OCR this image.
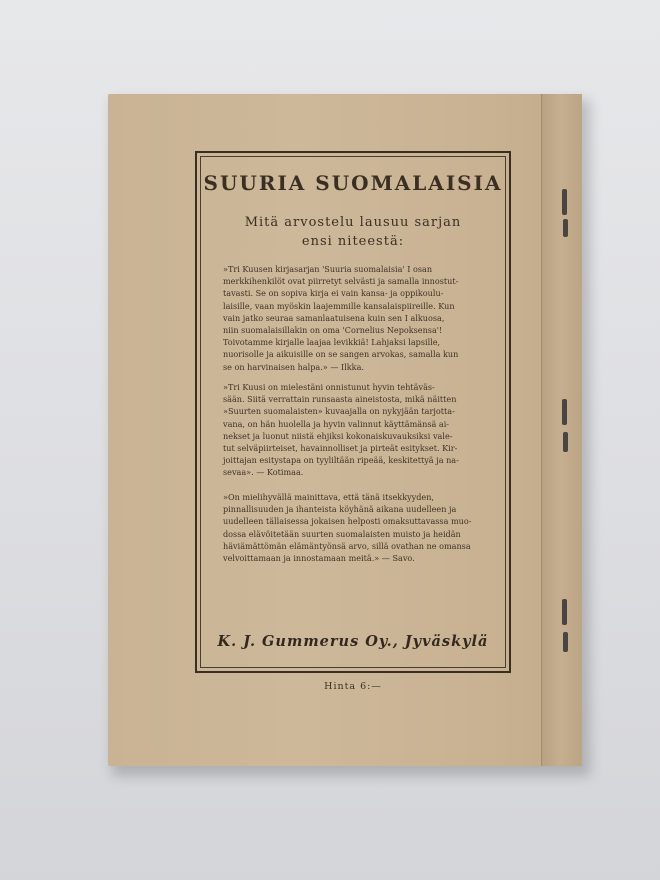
SUURIA SUOMALAISIA
Mitä arvostelu lausuu sarjan
ensi niteestä:
»Tri Kuusen kirjasarjan 'Suuria suomalaisia' I osan
merkkihenkilöt ovat piirretyt selvästi ja samalla innostut-
tavasti. Se on sopiva kirja ei vain kansa- ja oppikoulu-
laisille, vaan myöskin laajemmille kansalaispiireille. Kun
vain jatko seuraa samanlaatuisena kuin sen I alkuosa,
niin suomalaisillakin on oma 'Cornelius Nepoksensa'!
Toivotamme kirjalle laajaa levikkiä! Lahjaksi lapsille,
nuorisolle ja aikuisille on se sangen arvokas, samalla kun
se on harvinaisen halpa.» — Ilkka.
»Tri Kuusi on mielestäni onnistunut hyvin tehtäväs-
sään. Siitä verrattain runsaasta aineistosta, mikä näitten
»Suurten suomalaisten» kuvaajalla on nykyjään tarjotta-
vana, on hän huolella ja hyvin valinnut käyttämänsä ai-
nekset ja luonut niistä ehjiksi kokonaiskuvauksiksi vale-
tut selväpiirteiset, havainnolliset ja pirteät esitykset. Kir-
joittajan esitystapa on tyyliltään ripeää, keskitettyä ja na-
sevaa». — Kotimaa.
»On mielihyvällä mainittava, että tänä itsekkyyden,
pinnallisuuden ja ihanteista köyhänä aikana uudelleen ja
uudelleen tällaisessa jokaisen helposti omaksuttavassa muo-
dossa elävöitetään suurten suomalaisten muisto ja heidän
häviämättömän elämäntyönsä arvo, sillä ovathan ne omansa
velvoittamaan ja innostamaan meitä.» — Savo.
K. J. Gummerus Oy., Jyväskylä
Hinta 6:—
